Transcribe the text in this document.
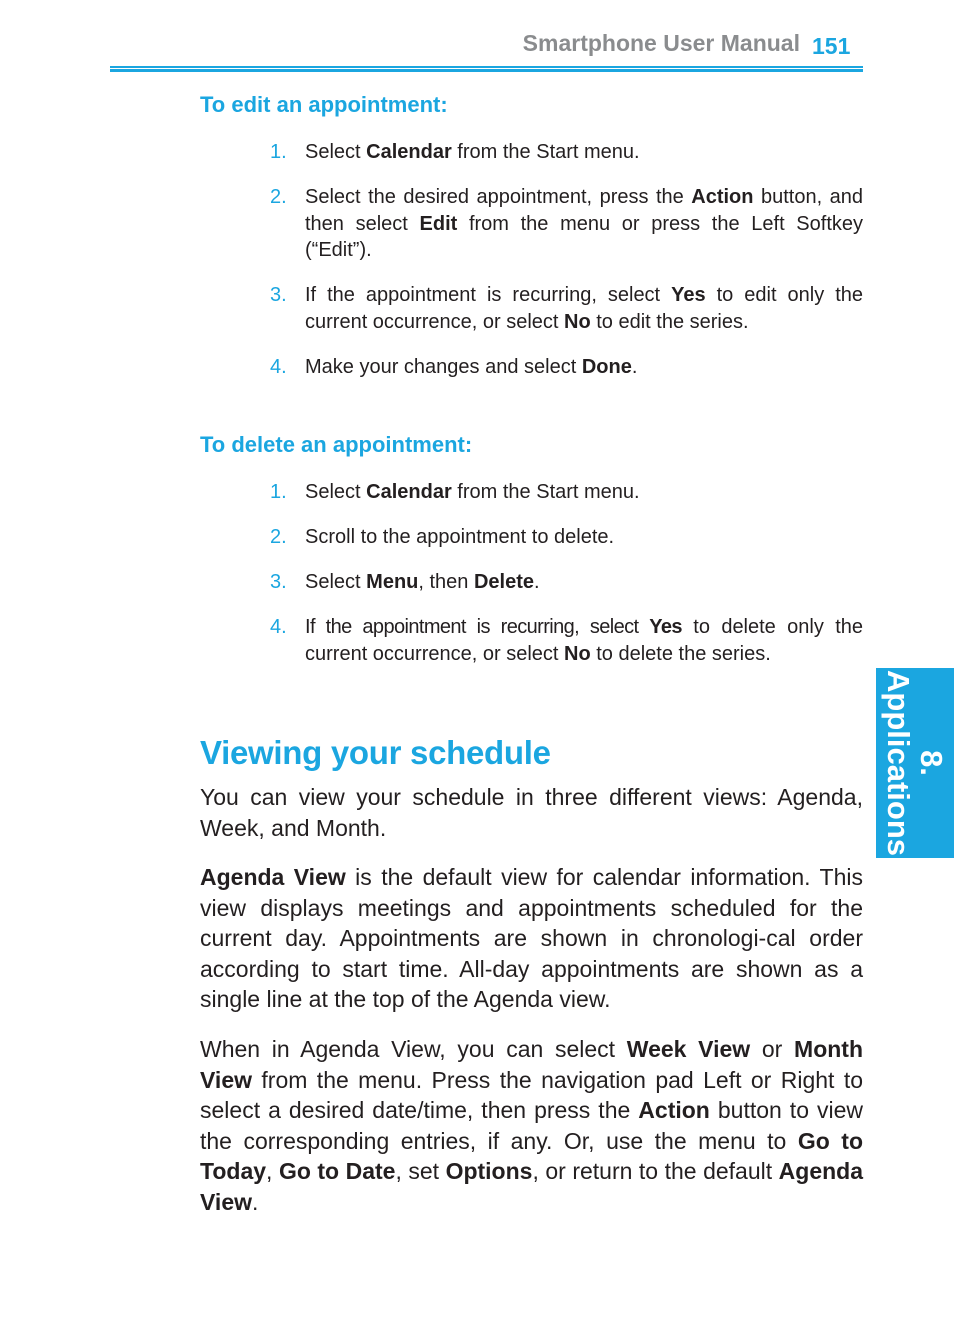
Smartphone User Manual 151
To edit an appointment:
1. Select Calendar from the Start menu.
2. Select the desired appointment, press the Action button, and then select Edit from the menu or press the Left Softkey (“Edit”).
3. If the appointment is recurring, select Yes to edit only the current occurrence, or select No to edit the series.
4. Make your changes and select Done.
To delete an appointment:
1. Select Calendar from the Start menu.
2. Scroll to the appointment to delete.
3. Select Menu, then Delete.
4. If the appointment is recurring, select Yes to delete only the current occurrence, or select No to delete the series.
Viewing your schedule

You can view your schedule in three different views: Agenda, Week, and Month.

Agenda View is the default view for calendar information. This view displays meetings and appointments scheduled for the current day. Appointments are shown in chronologi-cal order according to start time. All-day appointments are shown as a single line at the top of the Agenda view.

When in Agenda View, you can select Week View or Month View from the menu. Press the navigation pad Left or Right to select a desired date/time, then press the Action button to view the corresponding entries, if any. Or, use the menu to Go to Today, Go to Date, set Options, or return to the default Agenda View.

8.
Applications
